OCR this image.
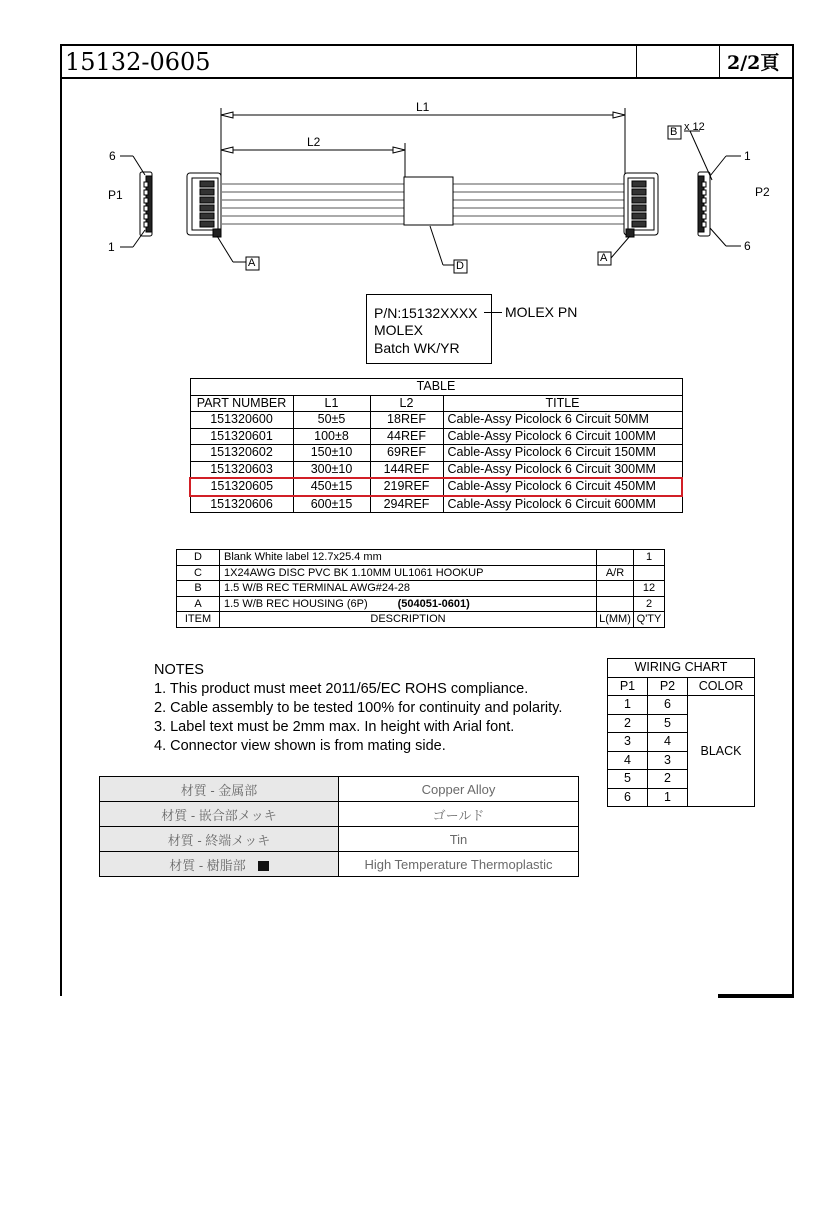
15132-0605	2/2頁
L1
L2
P1	P2
6
1
1
6
A	A
D
B x 12
P/N:15132XXXX
MOLEX
Batch WK/YR
MOLEX PN
TABLE			
PART NUMBER	L1	L2	TITLE
151320600	50±5	18REF	Cable-Assy Picolock 6 Circuit 50MM
151320601	100±8	44REF	Cable-Assy Picolock 6 Circuit 100MM
151320602	150±10	69REF	Cable-Assy Picolock 6 Circuit 150MM
151320603	300±10	144REF	Cable-Assy Picolock 6 Circuit 300MM
151320605	450±15	219REF	Cable-Assy Picolock 6 Circuit 450MM
151320606	600±15	294REF	Cable-Assy Picolock 6 Circuit 600MM
D	Blank White label 12.7x25.4 mm		1
C	1X24AWG DISC PVC BK 1.10MM UL1061 HOOKUP	A/R	
B	1.5 W/B REC TERMINAL AWG#24-28		12
A	1.5 W/B REC HOUSING (6P) (504051-0601)		2
ITEM	DESCRIPTION	L(MM)	Q'TY
NOTES
1. This product must meet 2011/65/EC ROHS compliance.
2. Cable assembly to be tested 100% for continuity and polarity.
3. Label text must be 2mm max. In height with Arial font.
4. Connector view shown is from mating side.
材質 - 金属部	Copper Alloy
材質 - 嵌合部メッキ	ゴールド
材質 - 終端メッキ	Tin
材質 - 樹脂部	High Temperature Thermoplastic
WIRING CHART		
P1	P2	COLOR
1	6	BLACK
2	5	
3	4	
4	3	
5	2	
6	1	
